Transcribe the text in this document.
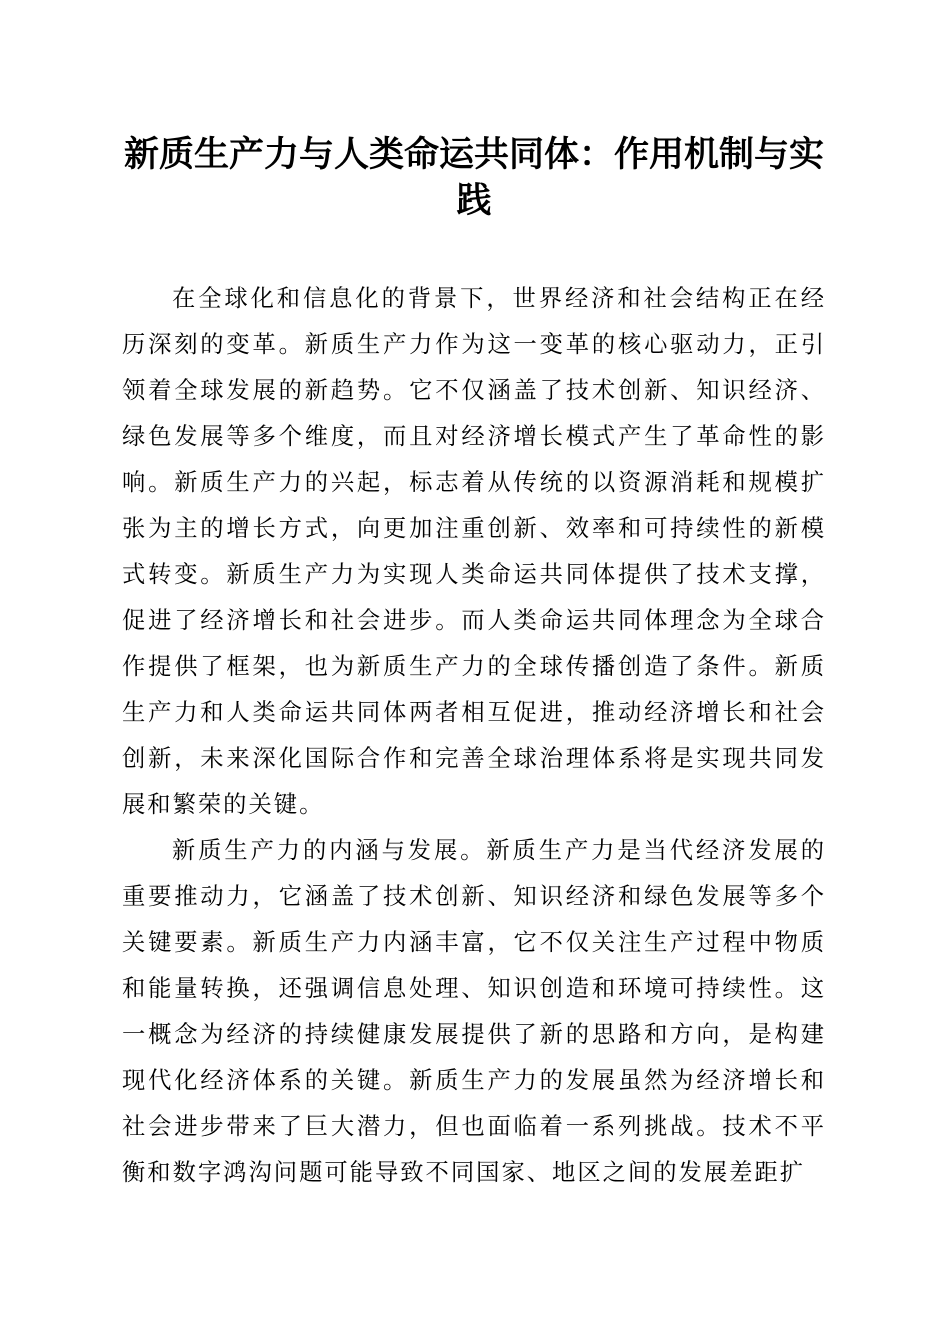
新质生产力与人类命运共同体：作用机制与实践

在全球化和信息化的背景下，世界经济和社会结构正在经历深刻的变革。新质生产力作为这一变革的核心驱动力，正引领着全球发展的新趋势。它不仅涵盖了技术创新、知识经济、绿色发展等多个维度，而且对经济增长模式产生了革命性的影响。新质生产力的兴起，标志着从传统的以资源消耗和规模扩张为主的增长方式，向更加注重创新、效率和可持续性的新模式转变。新质生产力为实现人类命运共同体提供了技术支撑，促进了经济增长和社会进步。而人类命运共同体理念为全球合作提供了框架，也为新质生产力的全球传播创造了条件。新质生产力和人类命运共同体两者相互促进，推动经济增长和社会创新，未来深化国际合作和完善全球治理体系将是实现共同发展和繁荣的关键。

新质生产力的内涵与发展。新质生产力是当代经济发展的重要推动力，它涵盖了技术创新、知识经济和绿色发展等多个关键要素。新质生产力内涵丰富，它不仅关注生产过程中物质和能量转换，还强调信息处理、知识创造和环境可持续性。这一概念为经济的持续健康发展提供了新的思路和方向，是构建现代化经济体系的关键。新质生产力的发展虽然为经济增长和社会进步带来了巨大潜力，但也面临着一系列挑战。技术不平衡和数字鸿沟问题可能导致不同国家、地区之间的发展差距扩
